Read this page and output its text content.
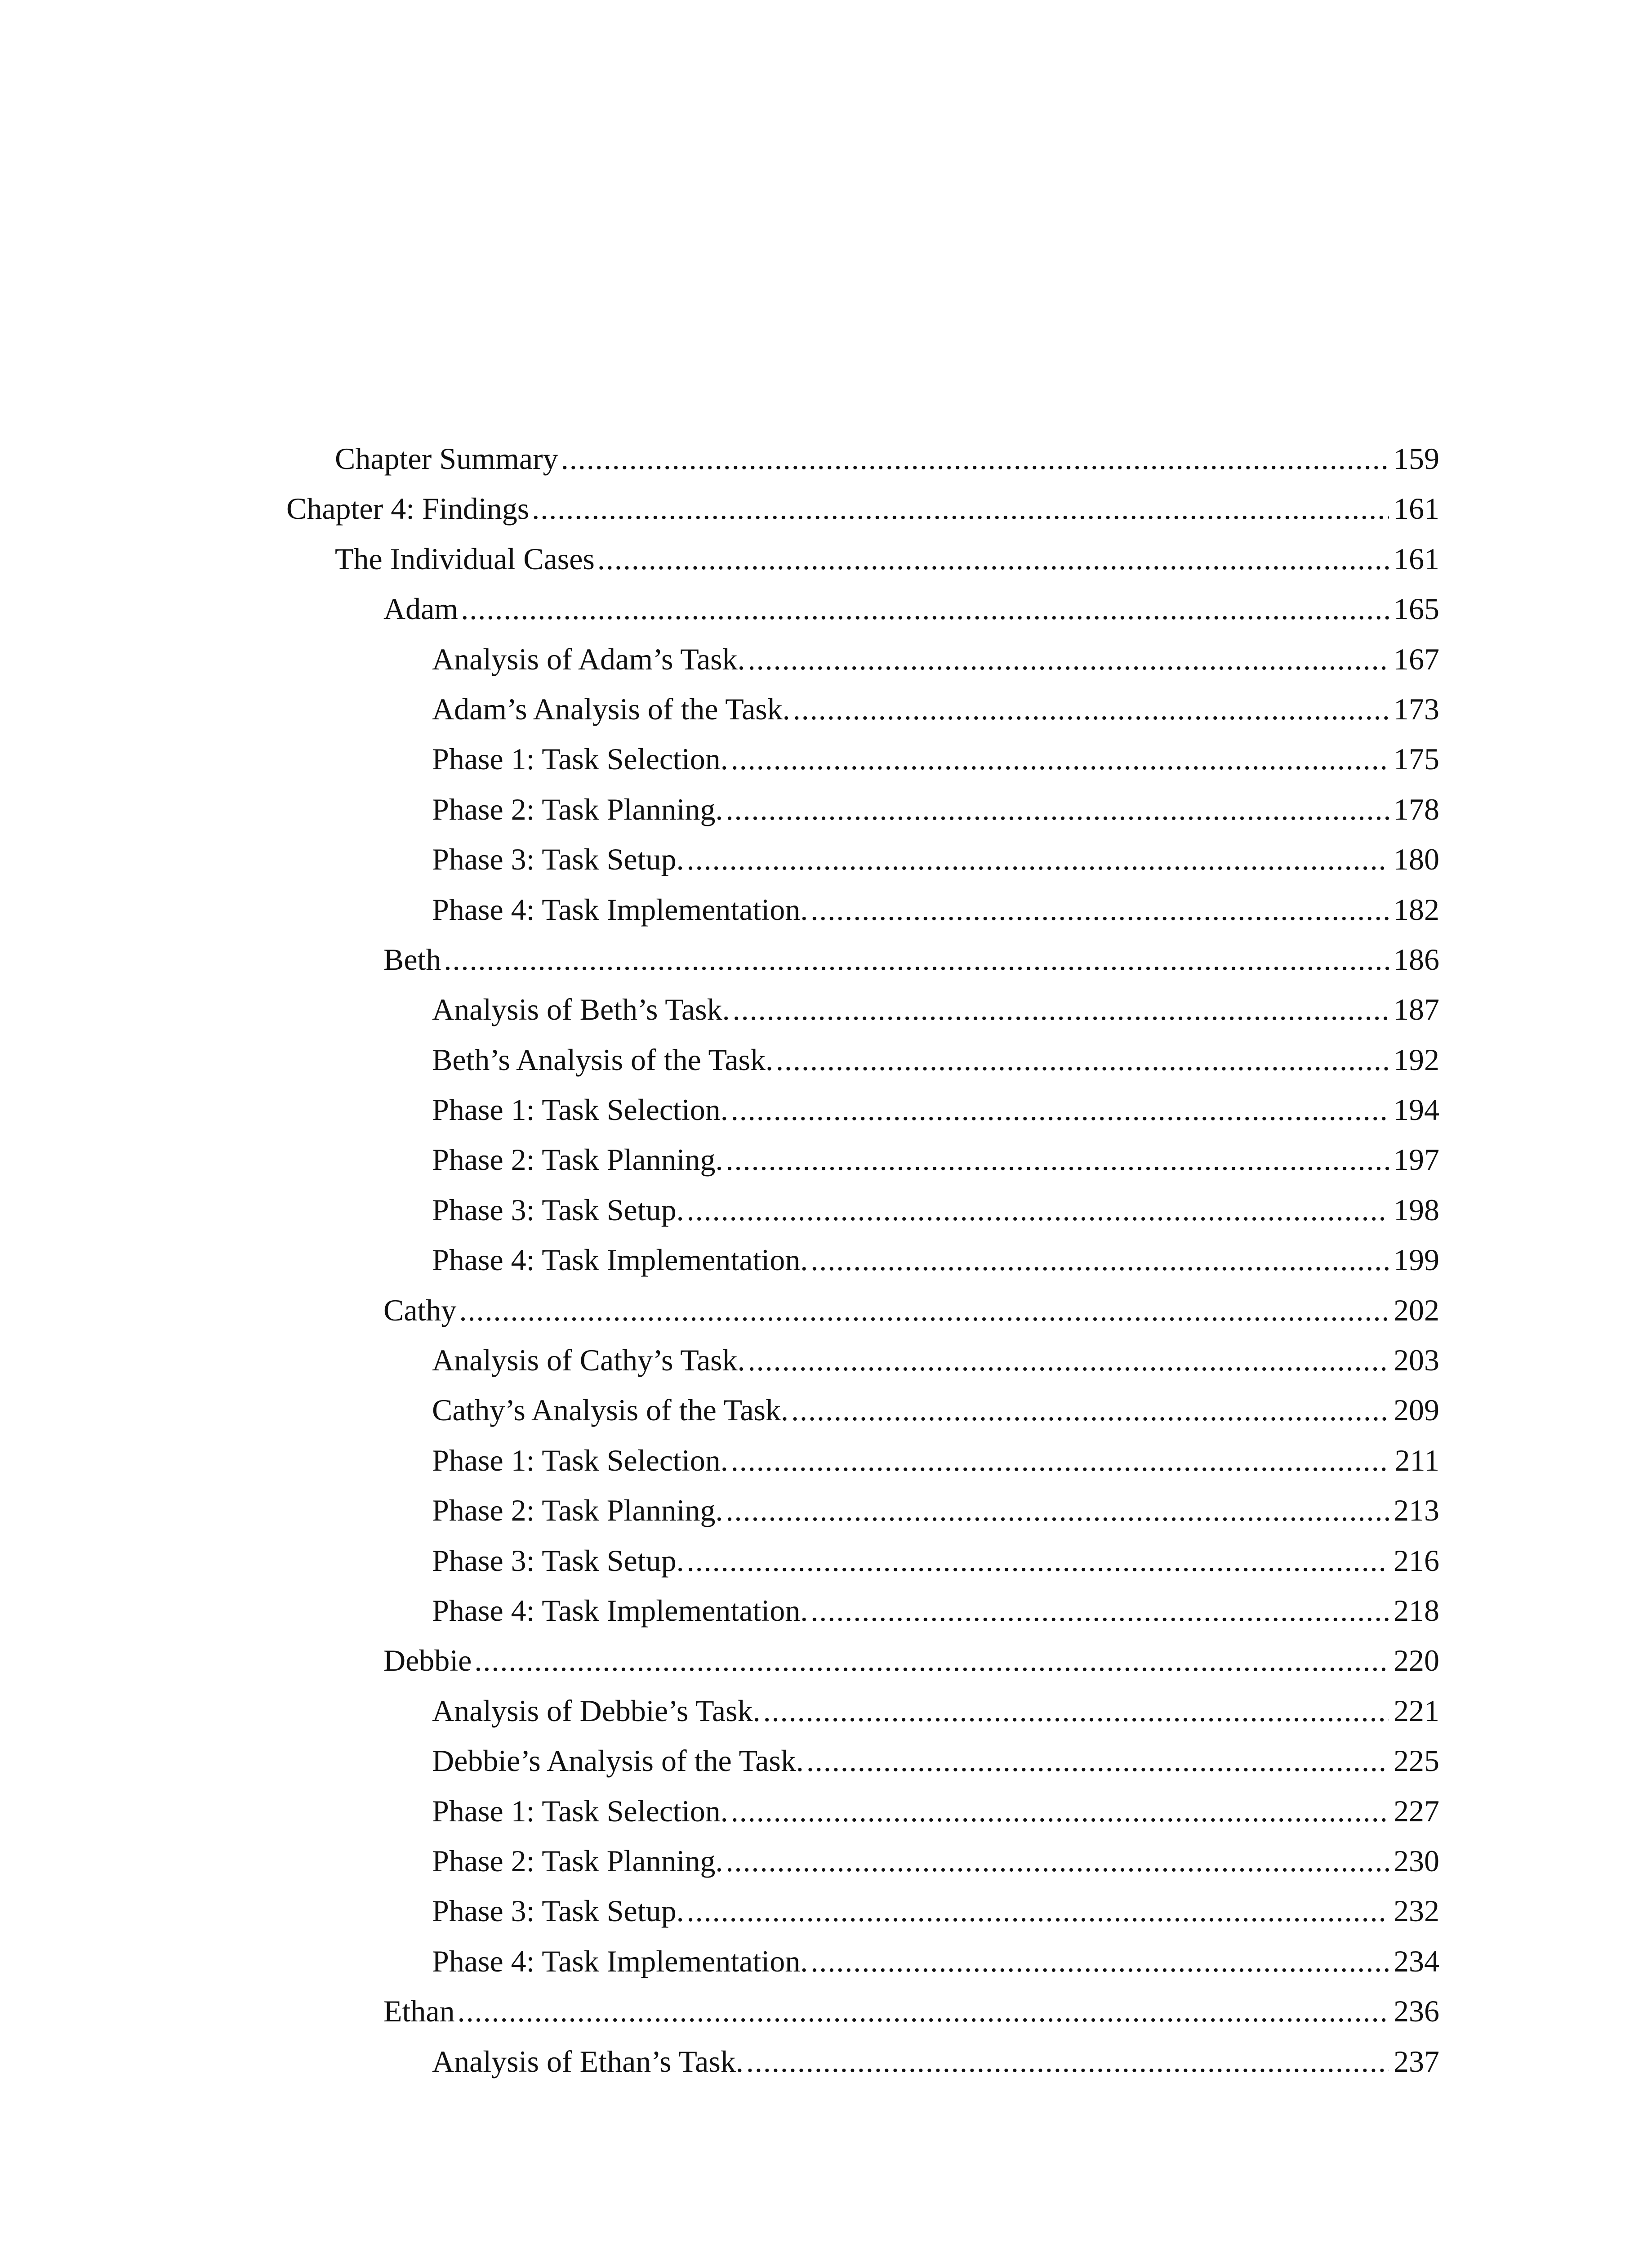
Chapter Summary .....	159
Chapter 4: Findings .....	161
The Individual Cases .....	161
Adam .....	165
Analysis of Adam’s Task. .....	167
Adam’s Analysis of the Task. .....	173
Phase 1: Task Selection. .....	175
Phase 2: Task Planning. .....	178
Phase 3: Task Setup. .....	180
Phase 4: Task Implementation. .....	182
Beth .....	186
Analysis of Beth’s Task. .....	187
Beth’s Analysis of the Task. .....	192
Phase 1: Task Selection. .....	194
Phase 2: Task Planning. .....	197
Phase 3: Task Setup. .....	198
Phase 4: Task Implementation. .....	199
Cathy .....	202
Analysis of Cathy’s Task. .....	203
Cathy’s Analysis of the Task. .....	209
Phase 1: Task Selection. .....	211
Phase 2: Task Planning. .....	213
Phase 3: Task Setup. .....	216
Phase 4: Task Implementation. .....	218
Debbie .....	220
Analysis of Debbie’s Task. .....	221
Debbie’s Analysis of the Task. .....	225
Phase 1: Task Selection. .....	227
Phase 2: Task Planning. .....	230
Phase 3: Task Setup. .....	232
Phase 4: Task Implementation. .....	234
Ethan .....	236
Analysis of Ethan’s Task. .....	237
